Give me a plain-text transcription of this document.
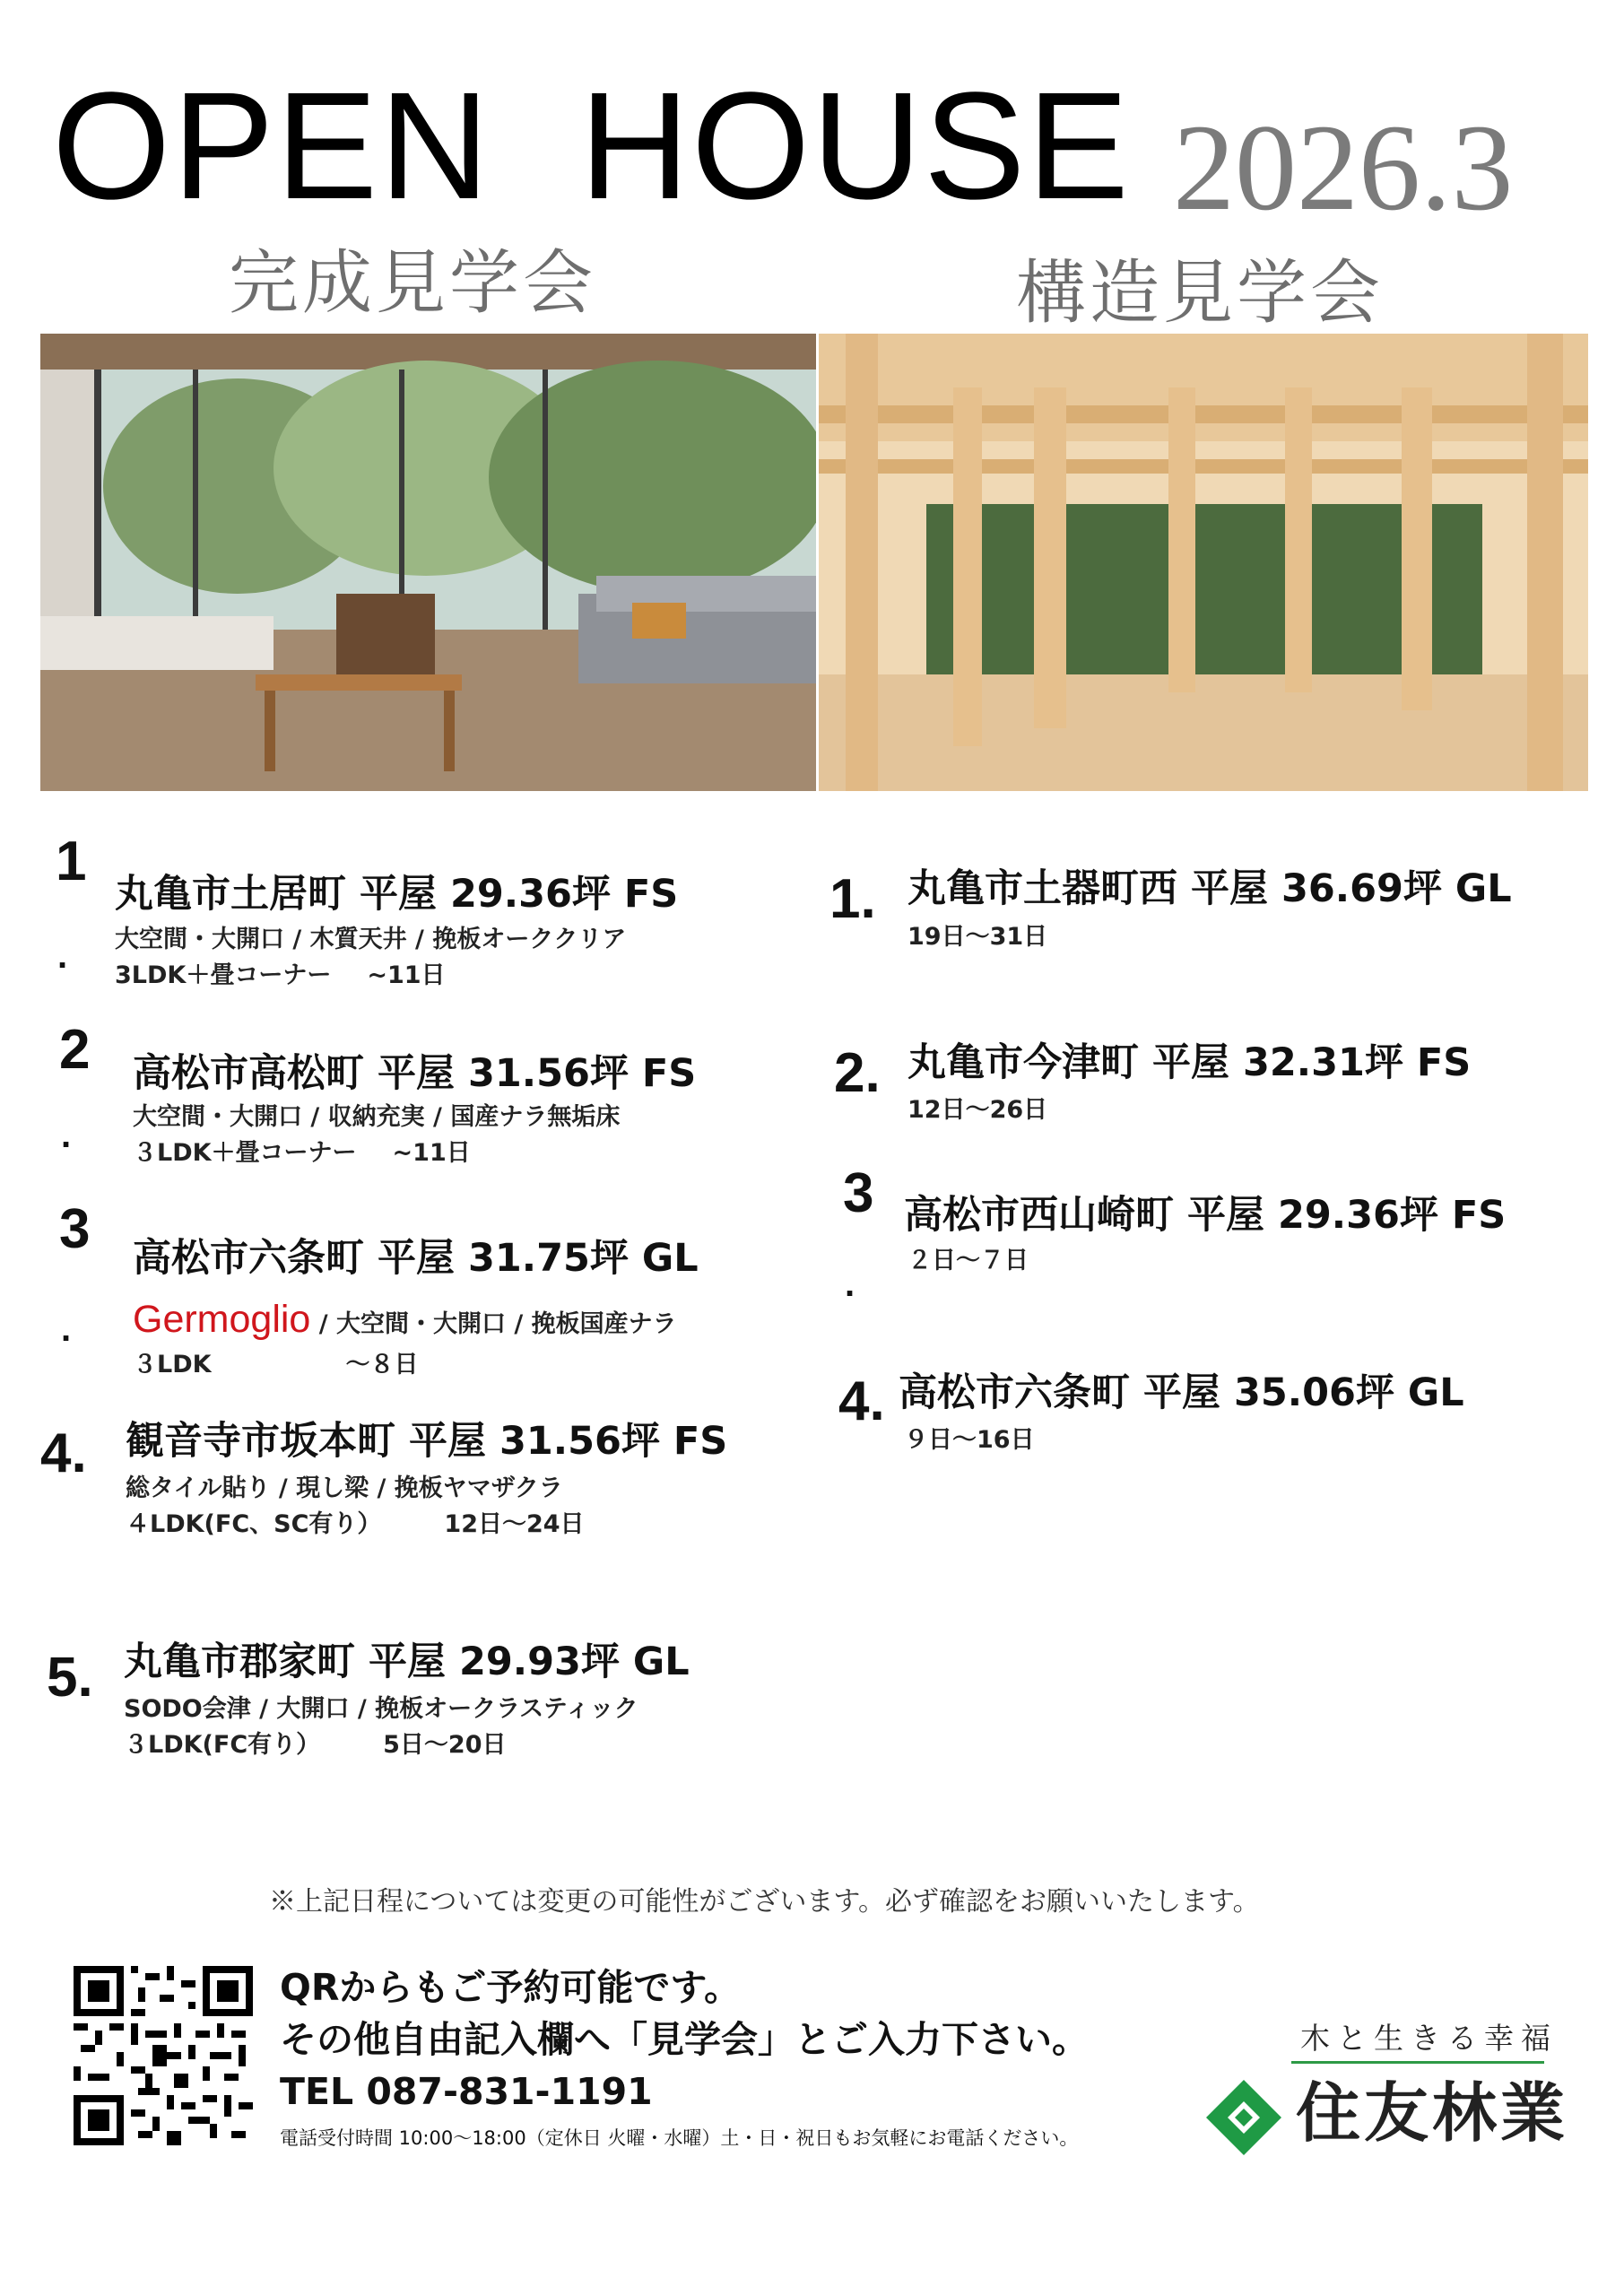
OPEN  HOUSE 2026.3
完成見学会	構造見学会
1
.
丸亀市土居町 平屋 29.36坪 FS
大空間・大開口 / 木質天井 / 挽板オーククリア
3LDK＋畳コーナー ~11日
2
.
高松市高松町 平屋 31.56坪 FS
大空間・大開口 / 収納充実 / 国産ナラ無垢床
３LDK＋畳コーナー ~11日
3
.
高松市六条町 平屋 31.75坪 GL
Germoglio / 大空間・大開口 / 挽板国産ナラ
３LDK	～８日
4. 観音寺市坂本町 平屋 31.56坪 FS
総タイル貼り / 現し梁 / 挽板ヤマザクラ
４LDK(FC、SC有り）	12日～24日
5. 丸亀市郡家町 平屋 29.93坪 GL
SODO会津 / 大開口 / 挽板オークラスティック
３LDK(FC有り）	5日～20日
1. 丸亀市土器町西 平屋 36.69坪 GL
19日～31日
2. 丸亀市今津町 平屋 32.31坪 FS
12日～26日
3
.
高松市西山崎町 平屋 29.36坪 FS
２日～７日
4. 高松市六条町 平屋 35.06坪 GL
９日～16日
※上記日程については変更の可能性がございます。必ず確認をお願いいたします。
QRからもご予約可能です。
その他自由記入欄へ「見学会」とご入力下さい。
TEL 087-831-1191
電話受付時間 10:00〜18:00（定休日 火曜・水曜）土・日・祝日もお気軽にお電話ください。
木と生きる幸福
住友林業
